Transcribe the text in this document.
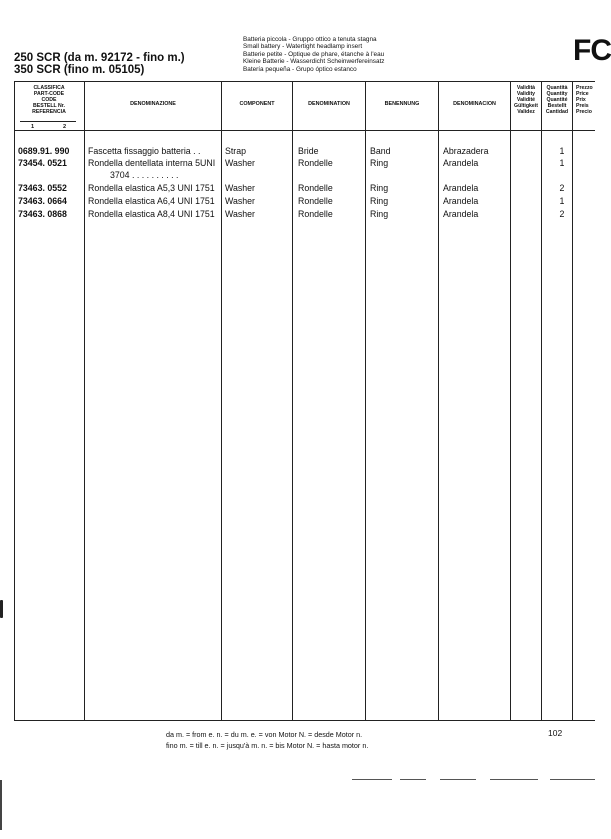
250 SCR (da m. 92172 - fino m.)
350 SCR (fino m. 05105)
Batteria piccola - Gruppo ottico a tenuta stagna
Small battery - Watertight headlamp insert
Batterie petite - Optique de phare, étanche à l'eau
Kleine Batterie - Wasserdicht Scheinwerfereinsatz
Batería pequeña - Grupo óptico estanco
FC
CLASSIFICA
PART-CODE
CODE
BESTELL Nr.
REFERENCIA
1	2
DENOMINAZIONE	COMPONENT	DENOMINATION	BENENNUNG	DENOMINACION
Validità
Validity
Validité
Gültigkeit
Validez
Quantità
Quantity
Quantité
Bestellt
Cantidad
Prezzo
Price
Prix
Preis
Precio
0689.91. 990 Fascetta fissaggio batteria . .	Strap	Bride	Band	Abrazadera	1
73454. 0521 Rondella dentellata interna 5UNI
3704 . . . . . . . . . .
Washer	Rondelle	Ring	Arandela	1
73463. 0552 Rondella elastica A5,3 UNI 1751 Washer	Rondelle	Ring	Arandela	2
73463. 0664 Rondella elastica A6,4 UNI 1751 Washer	Rondelle	Ring	Arandela	1
73463. 0868 Rondella elastica A8,4 UNI 1751 Washer	Rondelle	Ring	Arandela	2
da m. = from e. n. = du m. e. = von Motor N. = desde Motor n.
fino m. = till e. n. = jusqu'à m. n. = bis Motor N. = hasta motor n.
102
